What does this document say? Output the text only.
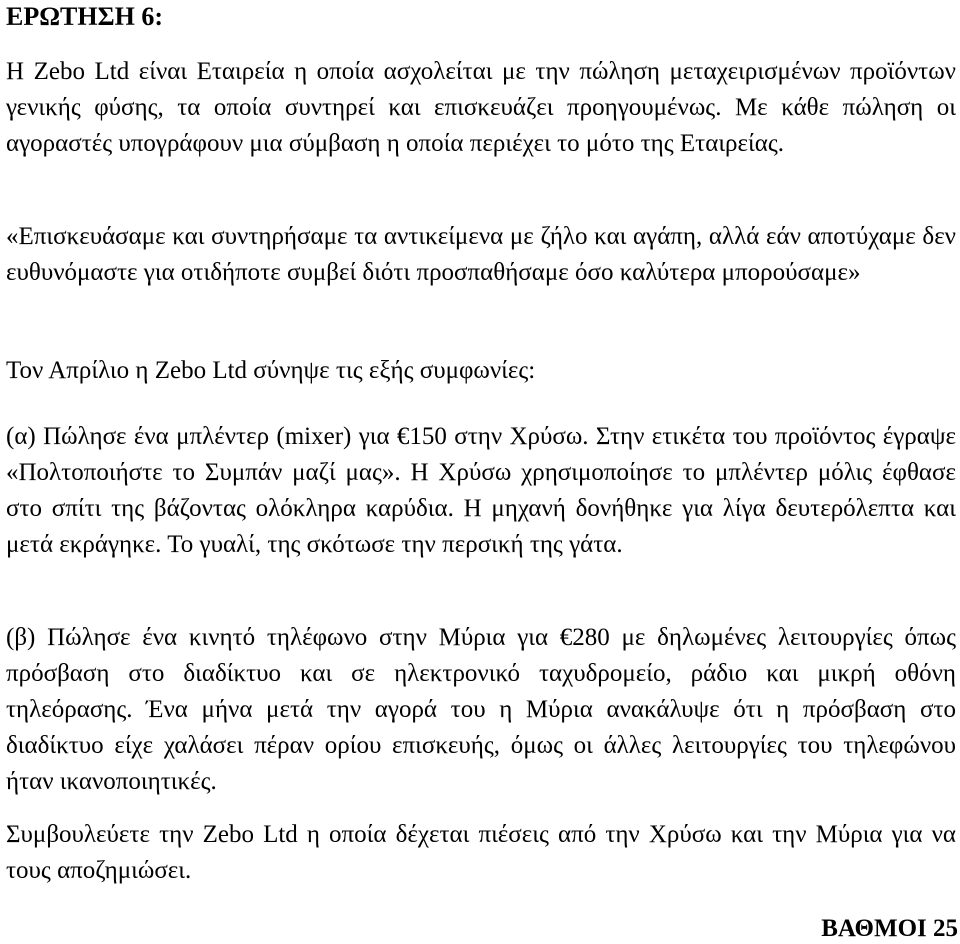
ΕΡΩΤΗΣΗ 6:

Η Zebo Ltd είναι Εταιρεία η οποία ασχολείται με την πώληση μεταχειρισμένων προϊόντων γενικής φύσης, τα οποία συντηρεί και επισκευάζει προηγουμένως. Με κάθε πώληση οι αγοραστές υπογράφουν μια σύμβαση η οποία περιέχει το μότο της Εταιρείας.

«Επισκευάσαμε και συντηρήσαμε τα αντικείμενα με ζήλο και αγάπη, αλλά εάν αποτύχαμε δεν ευθυνόμαστε για οτιδήποτε συμβεί διότι προσπαθήσαμε όσο καλύτερα μπορούσαμε»

Τον Απρίλιο η Zebo Ltd σύνηψε τις εξής συμφωνίες:

(α) Πώλησε ένα μπλέντερ (mixer) για €150 στην Χρύσω. Στην ετικέτα του προϊόντος έγραψε «Πολτοποιήστε το Συμπάν μαζί μας». Η Χρύσω χρησιμοποίησε το μπλέντερ μόλις έφθασε στο σπίτι της βάζοντας ολόκληρα καρύδια. Η μηχανή δονήθηκε για λίγα δευτερόλεπτα και μετά εκράγηκε. Το γυαλί, της σκότωσε την περσική της γάτα.

(β) Πώλησε ένα κινητό τηλέφωνο στην Μύρια για €280 με δηλωμένες λειτουργίες όπως πρόσβαση στο διαδίκτυο και σε ηλεκτρονικό ταχυδρομείο, ράδιο και μικρή οθόνη τηλεόρασης. Ένα μήνα μετά την αγορά του η Μύρια ανακάλυψε ότι η πρόσβαση στο διαδίκτυο είχε χαλάσει πέραν ορίου επισκευής, όμως οι άλλες λειτουργίες του τηλεφώνου ήταν ικανοποιητικές.

Συμβουλεύετε την Zebo Ltd η οποία δέχεται πιέσεις από την Χρύσω και την Μύρια για να τους αποζημιώσει.

ΒΑΘΜΟΙ 25
